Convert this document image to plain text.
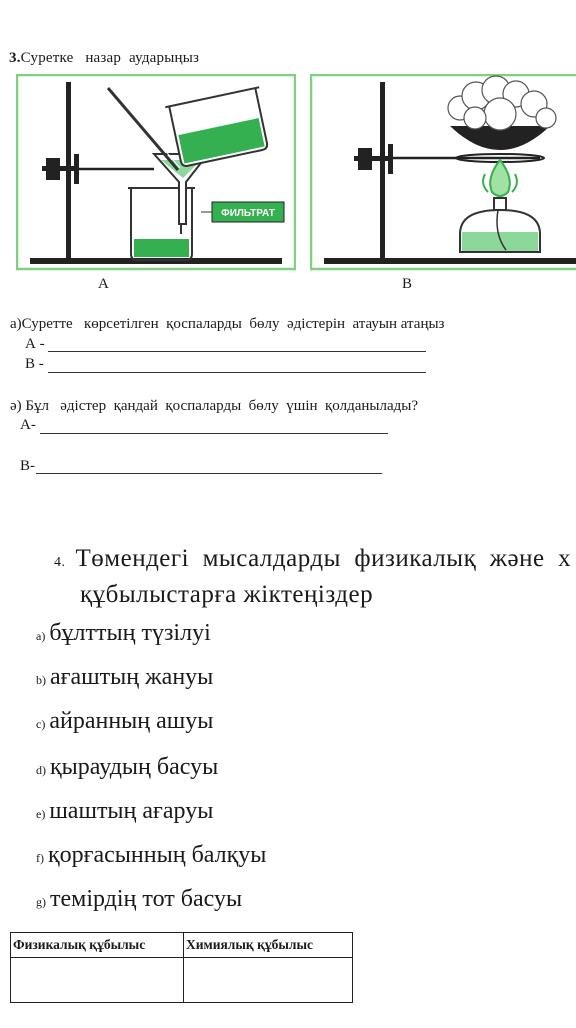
3.Суретке   назар  аударыңыз
ФИЛЬТРАТ
А	В
а)Суретте   көрсетілген  қоспаларды  бөлу  әдістерін  атауын атаңыз
А -
В -
ә) Бұл   әдістер  қандай  қоспаларды  бөлу  үшін  қолданылады?
А-
В-
4. Төмендегі  мысалдарды  физикалық  және  х
құбылыстарға жіктеңіздер
a) бұлттың түзілуі
b) ағаштың жануы
c) айранның ашуы
d) қыраудың басуы
e) шаштың ағаруы
f) қорғасынның балқуы
g) темірдің тот басуы
Физикалық құбылыс	Химиялық құбылыс
